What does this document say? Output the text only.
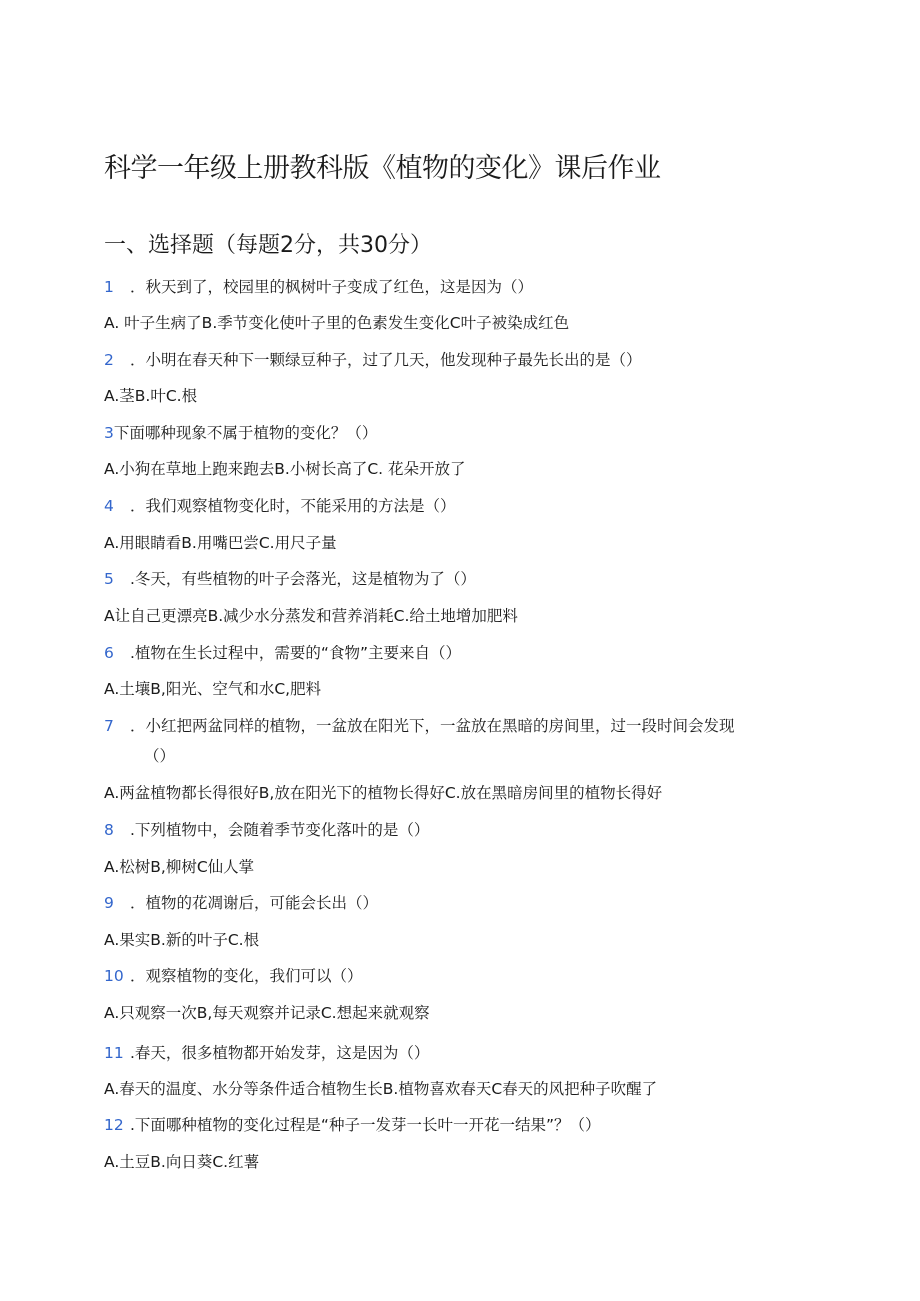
科学一年级上册教科版《植物的变化》课后作业
一、选择题（每题2分，共30分）
1 ．秋天到了，校园里的枫树叶子变成了红色，这是因为（）
A. 叶子生病了B.季节变化使叶子里的色素发生变化C叶子被染成红色
2 ．小明在春天种下一颗绿豆种子，过了几天，他发现种子最先长出的是（）
A.茎B.叶C.根
3下面哪种现象不属于植物的变化？（）
A.小狗在草地上跑来跑去B.小树长高了C. 花朵开放了
4 ．我们观察植物变化时，不能采用的方法是（）
A.用眼睛看B.用嘴巴尝C.用尺子量
5 .冬天，有些植物的叶子会落光，这是植物为了（）
A让自己更漂亮B.减少水分蒸发和营养消耗C.给土地增加肥料
6 .植物在生长过程中，需要的“食物”主要来自（）
A.土壤B,阳光、空气和水C,肥料
7 ．小红把两盆同样的植物，一盆放在阳光下，一盆放在黑暗的房间里，过一段时间会发现
（）
A.两盆植物都长得很好B,放在阳光下的植物长得好C.放在黑暗房间里的植物长得好
8 .下列植物中，会随着季节变化落叶的是（）
A.松树B,柳树C仙人掌
9 ．植物的花凋谢后，可能会长出（）
A.果实B.新的叶子C.根
10 ．观察植物的变化，我们可以（）
A.只观察一次B,每天观察并记录C.想起来就观察
11 .春天，很多植物都开始发芽，这是因为（）
A.春天的温度、水分等条件适合植物生长B.植物喜欢春天C春天的风把种子吹醒了
12 .下面哪种植物的变化过程是“种子一发芽一长叶一开花一结果”？（）
A.土豆B.向日葵C.红薯
